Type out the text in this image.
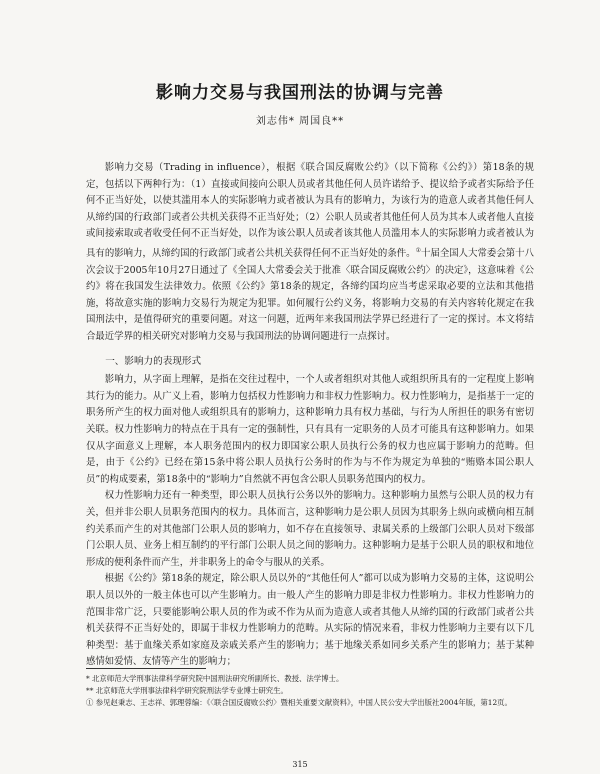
影响力交易与我国刑法的协调与完善
刘志伟* 周国良**

影响力交易（Trading in influence），根据《联合国反腐败公约》（以下简称《公约》）第18条的规定，包括以下两种行为：（1）直接或间接向公职人员或者其他任何人员许诺给予、提议给予或者实际给予任何不正当好处，以使其滥用本人的实际影响力或者被认为具有的影响力，为该行为的造意人或者其他任何人从缔约国的行政部门或者公共机关获得不正当好处；（2）公职人员或者其他任何人员为其本人或者他人直接或间接索取或者收受任何不正当好处，以作为该公职人员或者该其他人员滥用本人的实际影响力或者被认为具有的影响力，从缔约国的行政部门或者公共机关获得任何不正当好处的条件。①十届全国人大常委会第十八次会议于2005年10月27日通过了《全国人大常委会关于批准〈联合国反腐败公约〉的决定》，这意味着《公约》将在我国发生法律效力。依照《公约》第18条的规定，各缔约国均应当考虑采取必要的立法和其他措施，将故意实施的影响力交易行为规定为犯罪。如何履行公约义务，将影响力交易的有关内容转化规定在我国刑法中，是值得研究的重要问题。对这一问题，近两年来我国刑法学界已经进行了一定的探讨。本文将结合最近学界的相关研究对影响力交易与我国刑法的协调问题进行一点探讨。

一、影响力的表现形式

影响力，从字面上理解，是指在交往过程中，一个人或者组织对其他人或组织所具有的一定程度上影响其行为的能力。从广义上看，影响力包括权力性影响力和非权力性影响力。权力性影响力，是指基于一定的职务所产生的权力面对他人或组织具有的影响力，这种影响力具有权力基础，与行为人所担任的职务有密切关联。权力性影响力的特点在于具有一定的强制性，只有具有一定职务的人员才可能具有这种影响力。如果仅从字面意义上理解，本人职务范围内的权力即国家公职人员执行公务的权力也应属于影响力的范畴。但是，由于《公约》已经在第15条中将公职人员执行公务时的作为与不作为规定为单独的“贿赂本国公职人员”的构成要素，第18条中的“影响力”自然就不再包含公职人员职务范围内的权力。

权力性影响力还有一种类型，即公职人员执行公务以外的影响力。这种影响力虽然与公职人员的权力有关，但并非公职人员职务范围内的权力。具体而言，这种影响力是公职人员因为其职务上纵向或横向相互制约关系而产生的对其他部门公职人员的影响力，如不存在直接领导、隶属关系的上级部门公职人员对下级部门公职人员、业务上相互制约的平行部门公职人员之间的影响力。这种影响力是基于公职人员的职权和地位形成的便利条件而产生，并非职务上的命令与服从的关系。

根据《公约》第18条的规定，除公职人员以外的“其他任何人”都可以成为影响力交易的主体，这说明公职人员以外的一般主体也可以产生影响力。由一般人产生的影响力即是非权力性影响力。非权力性影响力的范围非常广泛，只要能影响公职人员的作为或不作为从而为造意人或者其他人从缔约国的行政部门或者公共机关获得不正当好处的，即属于非权力性影响力的范畴。从实际的情况来看，非权力性影响力主要有以下几种类型：基于血缘关系如家庭及亲戚关系产生的影响力；基于地缘关系如同乡关系产生的影响力；基于某种感情如爱情、友情等产生的影响力；

* 北京师范大学刑事法律科学研究院中国刑法研究所副所长、教授、法学博士。
** 北京师范大学刑事法律科学研究院刑法学专业博士研究生。
① 参见赵秉志、王志祥、郭理蓉编：《〈联合国反腐败公约〉暨相关重要文献资料》，中国人民公安大学出版社2004年版，第12页。
315
